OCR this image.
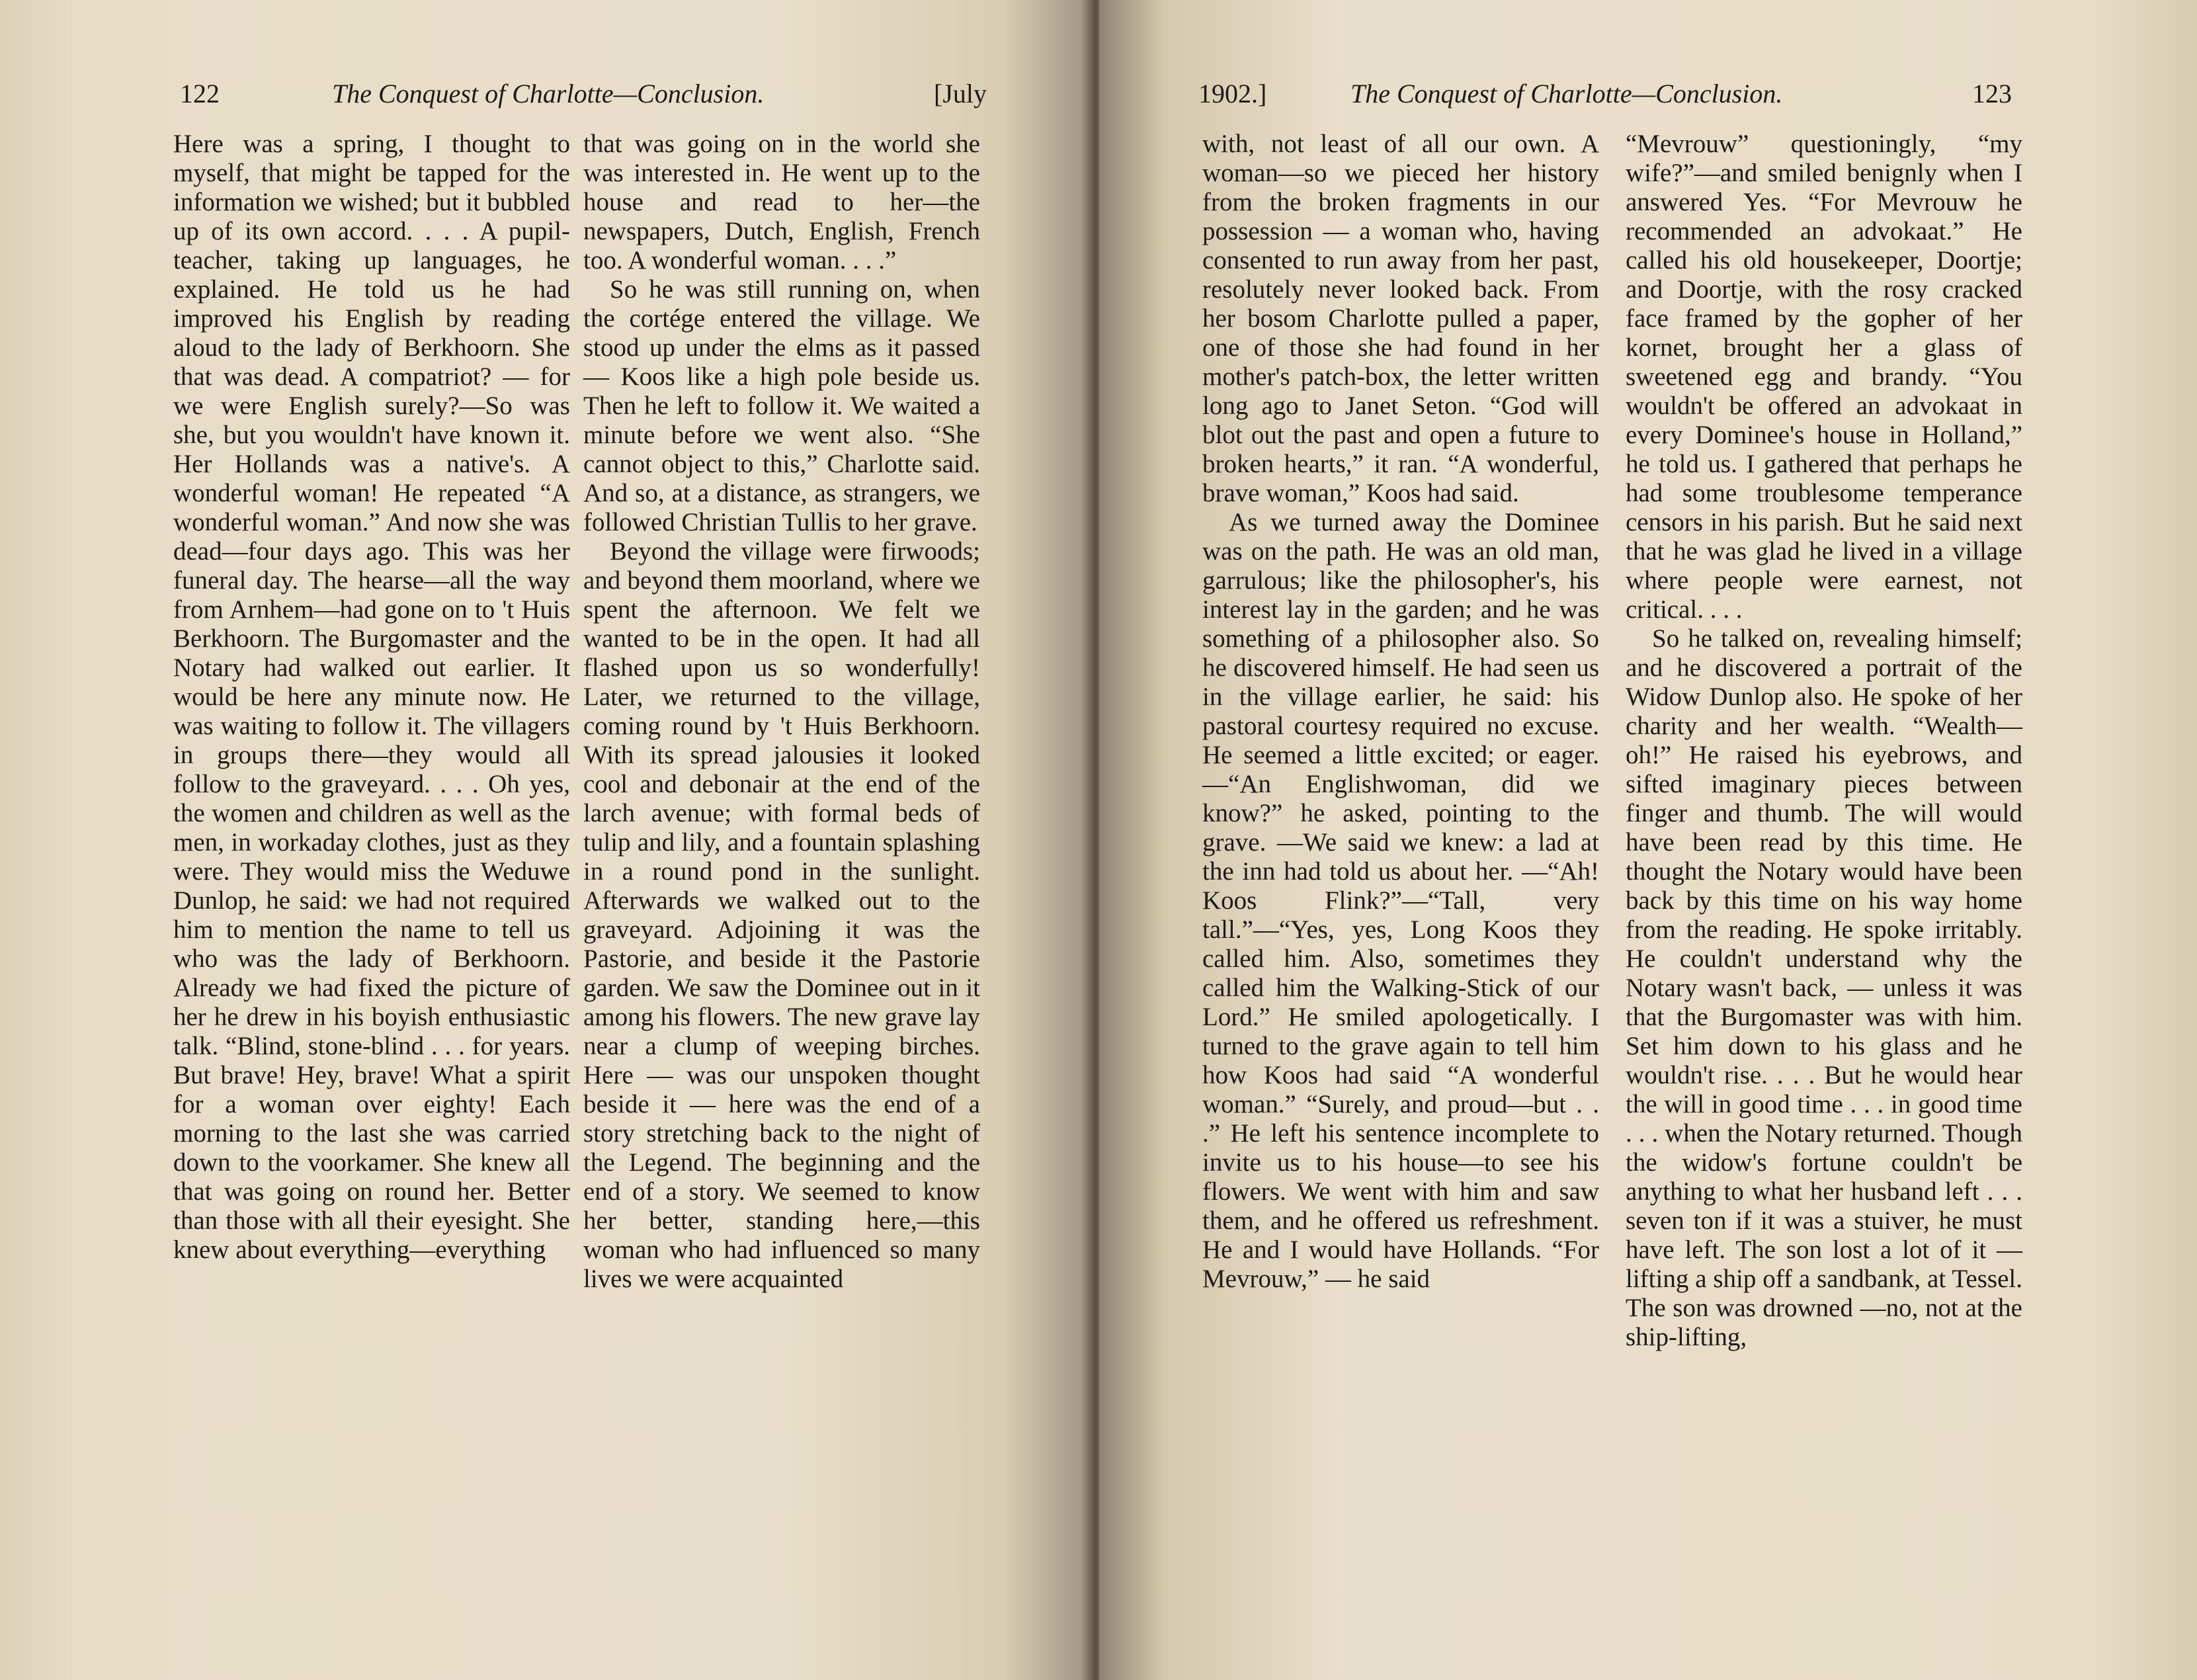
122	The Conquest of Charlotte—Conclusion.	[July

Here was a spring, I thought to myself, that might be tapped for the information we wished; but it bubbled up of its own accord. . . . A pupil-teacher, taking up languages, he explained. He told us he had improved his English by reading aloud to the lady of Berkhoorn. She that was dead. A compatriot? — for we were English surely?—So was she, but you wouldn't have known it. Her Hollands was a native's. A wonderful woman! He repeated “A wonderful woman.” And now she was dead—four days ago. This was her funeral day. The hearse—all the way from Arnhem—had gone on to 't Huis Berkhoorn. The Burgomaster and the Notary had walked out earlier. It would be here any minute now. He was waiting to follow it. The villagers in groups there—they would all follow to the graveyard. . . . Oh yes, the women and children as well as the men, in workaday clothes, just as they were. They would miss the Weduwe Dunlop, he said: we had not required him to mention the name to tell us who was the lady of Berkhoorn. Already we had fixed the picture of her he drew in his boyish enthusiastic talk. “Blind, stone-blind . . . for years. But brave! Hey, brave! What a spirit for a woman over eighty! Each morning to the last she was carried down to the voorkamer. She knew all that was going on round her. Better than those with all their eyesight. She knew about everything—everything

that was going on in the world she was interested in. He went up to the house and read to her—the newspapers, Dutch, English, French too. A wonderful woman. . . .”

So he was still running on, when the cortége entered the village. We stood up under the elms as it passed — Koos like a high pole beside us. Then he left to follow it. We waited a minute before we went also. “She cannot object to this,” Charlotte said. And so, at a distance, as strangers, we followed Christian Tullis to her grave.

Beyond the village were firwoods; and beyond them moorland, where we spent the afternoon. We felt we wanted to be in the open. It had all flashed upon us so wonderfully! Later, we returned to the village, coming round by 't Huis Berkhoorn. With its spread jalousies it looked cool and debonair at the end of the larch avenue; with formal beds of tulip and lily, and a fountain splashing in a round pond in the sunlight. Afterwards we walked out to the graveyard. Adjoining it was the Pastorie, and beside it the Pastorie garden. We saw the Dominee out in it among his flowers. The new grave lay near a clump of weeping birches. Here — was our unspoken thought beside it — here was the end of a story stretching back to the night of the Legend. The beginning and the end of a story. We seemed to know her better, standing here,—this woman who had influenced so many lives we were acquainted

1902.]	The Conquest of Charlotte—Conclusion.	123

with, not least of all our own. A woman—so we pieced her history from the broken fragments in our possession — a woman who, having consented to run away from her past, resolutely never looked back. From her bosom Charlotte pulled a paper, one of those she had found in her mother's patch-box, the letter written long ago to Janet Seton. “God will blot out the past and open a future to broken hearts,” it ran. “A wonderful, brave woman,” Koos had said.

As we turned away the Dominee was on the path. He was an old man, garrulous; like the philosopher's, his interest lay in the garden; and he was something of a philosopher also. So he discovered himself. He had seen us in the village earlier, he said: his pastoral courtesy required no excuse. He seemed a little excited; or eager.—“An Englishwoman, did we know?” he asked, pointing to the grave. —We said we knew: a lad at the inn had told us about her. —“Ah! Koos Flink?”—“Tall, very tall.”—“Yes, yes, Long Koos they called him. Also, sometimes they called him the Walking-Stick of our Lord.” He smiled apologetically. I turned to the grave again to tell him how Koos had said “A wonderful woman.” “Surely, and proud—but . . .” He left his sentence incomplete to invite us to his house—to see his flowers. We went with him and saw them, and he offered us refreshment. He and I would have Hollands. “For Mevrouw,” — he said

“Mevrouw” questioningly, “my wife?”—and smiled benignly when I answered Yes. “For Mevrouw he recommended an advokaat.” He called his old housekeeper, Doortje; and Doortje, with the rosy cracked face framed by the gopher of her kornet, brought her a glass of sweetened egg and brandy. “You wouldn't be offered an advokaat in every Dominee's house in Holland,” he told us. I gathered that perhaps he had some troublesome temperance censors in his parish. But he said next that he was glad he lived in a village where people were earnest, not critical. . . .

So he talked on, revealing himself; and he discovered a portrait of the Widow Dunlop also. He spoke of her charity and her wealth. “Wealth—oh!” He raised his eyebrows, and sifted imaginary pieces between finger and thumb. The will would have been read by this time. He thought the Notary would have been back by this time on his way home from the reading. He spoke irritably. He couldn't understand why the Notary wasn't back, — unless it was that the Burgomaster was with him. Set him down to his glass and he wouldn't rise. . . . But he would hear the will in good time . . . in good time . . . when the Notary returned. Though the widow's fortune couldn't be anything to what her husband left . . . seven ton if it was a stuiver, he must have left. The son lost a lot of it —lifting a ship off a sandbank, at Tessel. The son was drowned —no, not at the ship-lifting,
